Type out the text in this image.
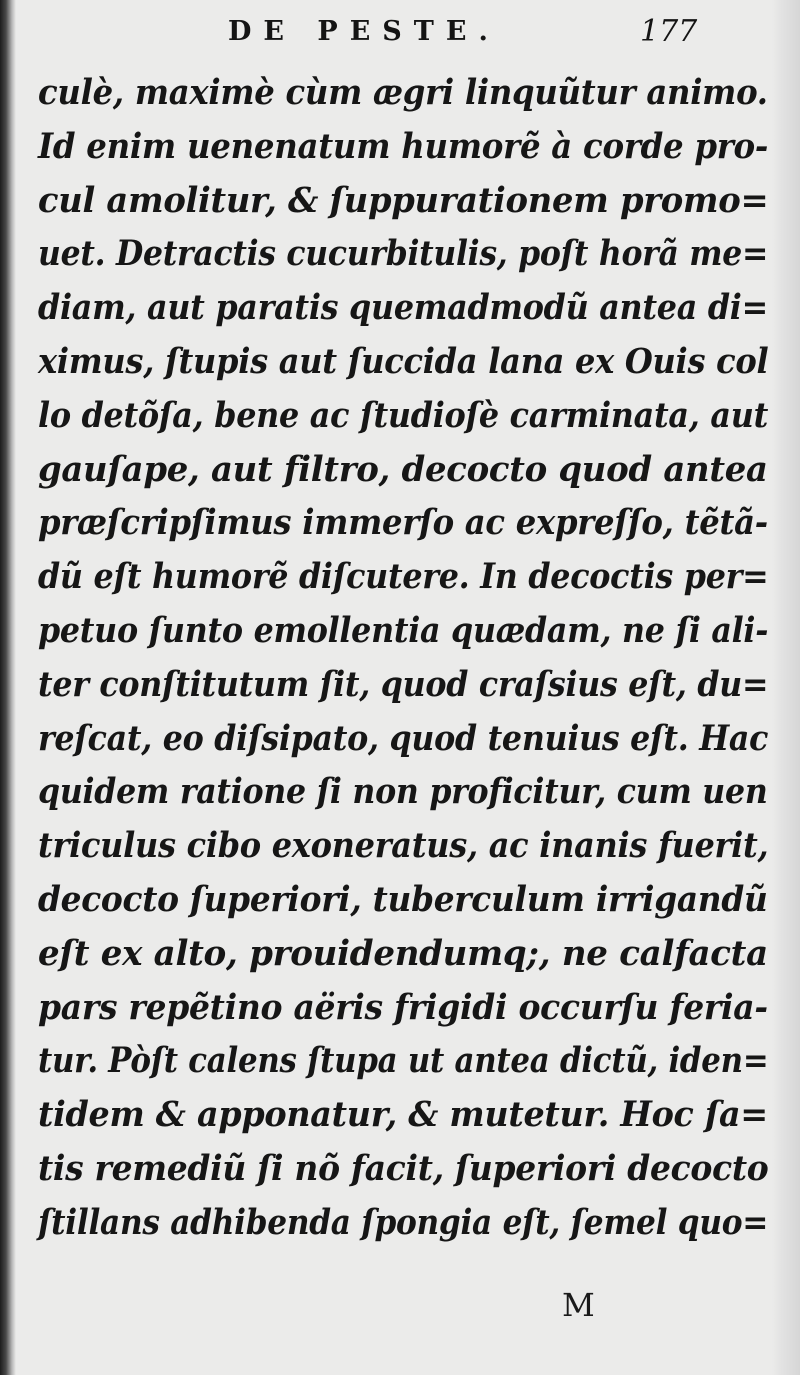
DE PESTE.	177
culè, maximè cùm ægri linquũtur animo.
Id enim uenenatum humorẽ à corde pro-
cul amolitur, & ſuppurationem promo=
uet. Detractis cucurbitulis, poſt horã me=
diam, aut paratis quemadmodũ antea di=
ximus, ſtupis aut ſuccida lana ex Ouis col
lo detõſa, bene ac ſtudioſè carminata, aut
gauſape, aut filtro, decocto quod antea
præſcripſimus immerſo ac expreſſo, tẽtã-
dũ eſt humorẽ diſcutere. In decoctis per=
petuo ſunto emollentia quædam, ne ſi ali-
ter conſtitutum ſit, quod craſsius eſt, du=
reſcat, eo diſsipato, quod tenuius eſt. Hac
quidem ratione ſi non proficitur, cum uen
triculus cibo exoneratus, ac inanis fuerit,
decocto ſuperiori, tuberculum irrigandũ
eſt ex alto, prouidendumq;, ne calfacta
pars repẽtino aëris frigidi occurſu feria-
tur. Pòſt calens ſtupa ut antea dictũ, iden=
tidem & apponatur, & mutetur. Hoc ſa=
tis remediũ ſi nõ facit, ſuperiori decocto
ſtillans adhibenda ſpongia eſt, ſemel quo=
M
